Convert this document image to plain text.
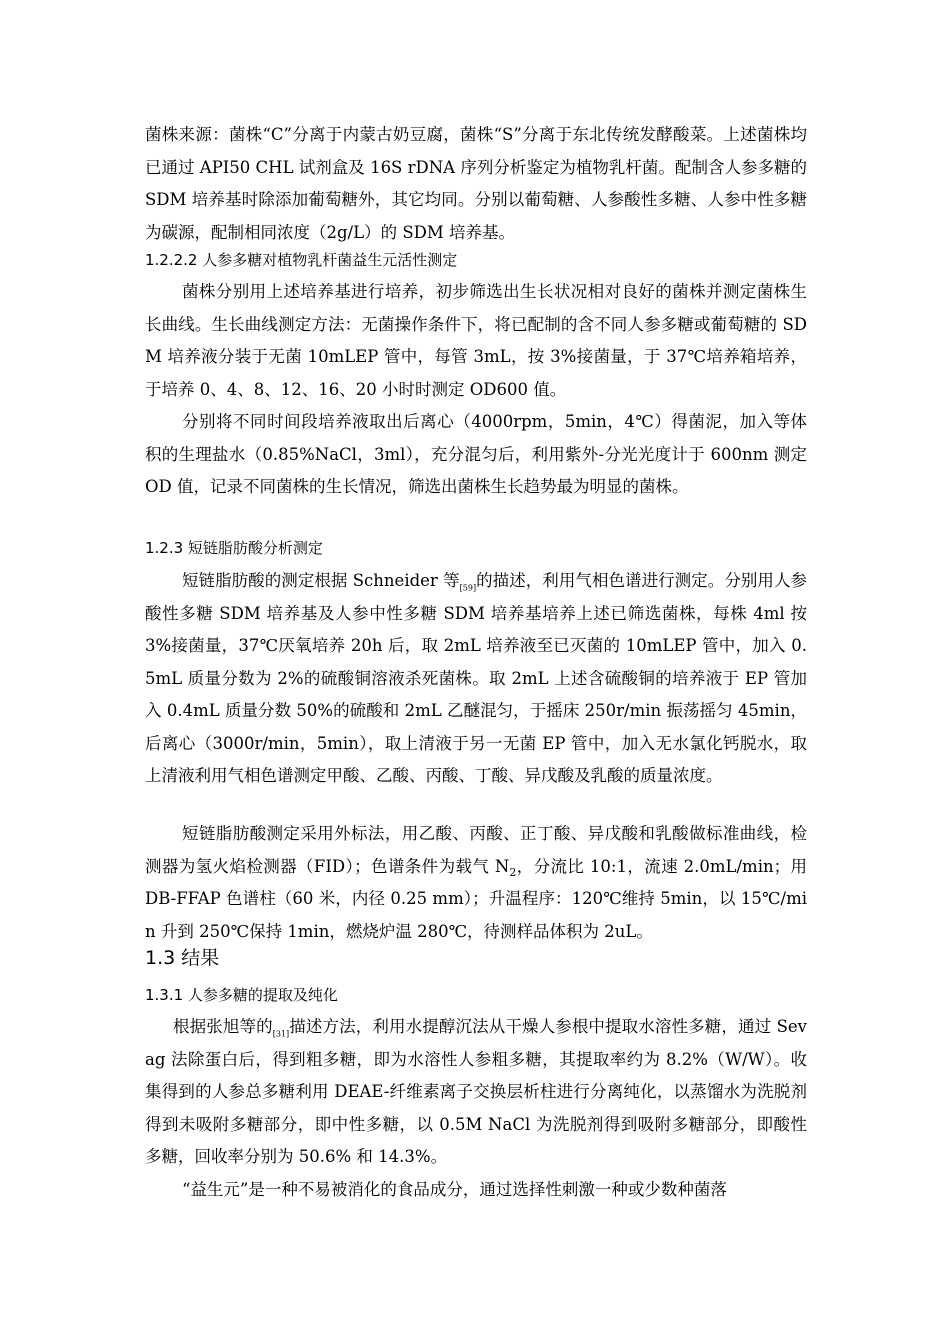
菌株来源：菌株“C”分离于内蒙古奶豆腐，菌株“S”分离于东北传统发酵酸菜。上述菌株均已通过 API50 CHL 试剂盒及 16S rDNA 序列分析鉴定为植物乳杆菌。配制含人参多糖的 SDM 培养基时除添加葡萄糖外，其它均同。分别以葡萄糖、人参酸性多糖、人参中性多糖为碳源，配制相同浓度（2g/L）的 SDM 培养基。

1.2.2.2 人参多糖对植物乳杆菌益生元活性测定

菌株分别用上述培养基进行培养，初步筛选出生长状况相对良好的菌株并测定菌株生长曲线。生长曲线测定方法：无菌操作条件下，将已配制的含不同人参多糖或葡萄糖的 SDM 培养液分装于无菌 10mLEP 管中，每管 3mL，按 3%接菌量，于 37℃培养箱培养，于培养 0、4、8、12、16、20 小时时测定 OD600 值。

分别将不同时间段培养液取出后离心（4000rpm，5min，4℃）得菌泥，加入等体积的生理盐水（0.85%NaCl，3ml），充分混匀后，利用紫外-分光光度计于 600nm 测定 OD 值，记录不同菌株的生长情况，筛选出菌株生长趋势最为明显的菌株。

1.2.3 短链脂肪酸分析测定

短链脂肪酸的测定根据 Schneider 等$_{[59]}$的描述，利用气相色谱进行测定。分别用人参酸性多糖 SDM 培养基及人参中性多糖 SDM 培养基培养上述已筛选菌株，每株 4ml 按 3%接菌量，37℃厌氧培养 20h 后，取 2mL 培养液至已灭菌的 10mLEP 管中，加入 0.5mL 质量分数为 2%的硫酸铜溶液杀死菌株。取 2mL 上述含硫酸铜的培养液于 EP 管加入 0.4mL 质量分数 50%的硫酸和 2mL 乙醚混匀，于摇床 250r/min 振荡摇匀 45min，后离心（3000r/min，5min），取上清液于另一无菌 EP 管中，加入无水氯化钙脱水，取上清液利用气相色谱测定甲酸、乙酸、丙酸、丁酸、异戊酸及乳酸的质量浓度。

短链脂肪酸测定采用外标法，用乙酸、丙酸、正丁酸、异戊酸和乳酸做标准曲线，检测器为氢火焰检测器（FID）；色谱条件为载气 $N_2$，分流比 10:1，流速 2.0mL/min；用 DB-FFAP 色谱柱（60 米，内径 0.25 mm）；升温程序：120℃维持 5min，以 15℃/min 升到 250℃保持 1min，燃烧炉温 280℃，待测样品体积为 2uL。

1.3 结果
1.3.1 人参多糖的提取及纯化

根据张旭等的$_{[31]}$描述方法，利用水提醇沉法从干燥人参根中提取水溶性多糖，通过 Sevag 法除蛋白后，得到粗多糖，即为水溶性人参粗多糖，其提取率约为 8.2%（W/W）。收集得到的人参总多糖利用 DEAE-纤维素离子交换层析柱进行分离纯化，以蒸馏水为洗脱剂得到未吸附多糖部分，即中性多糖，以 0.5M NaCl 为洗脱剂得到吸附多糖部分，即酸性多糖，回收率分别为 50.6% 和 14.3%。

“益生元”是一种不易被消化的食品成分，通过选择性刺激一种或少数种菌落
